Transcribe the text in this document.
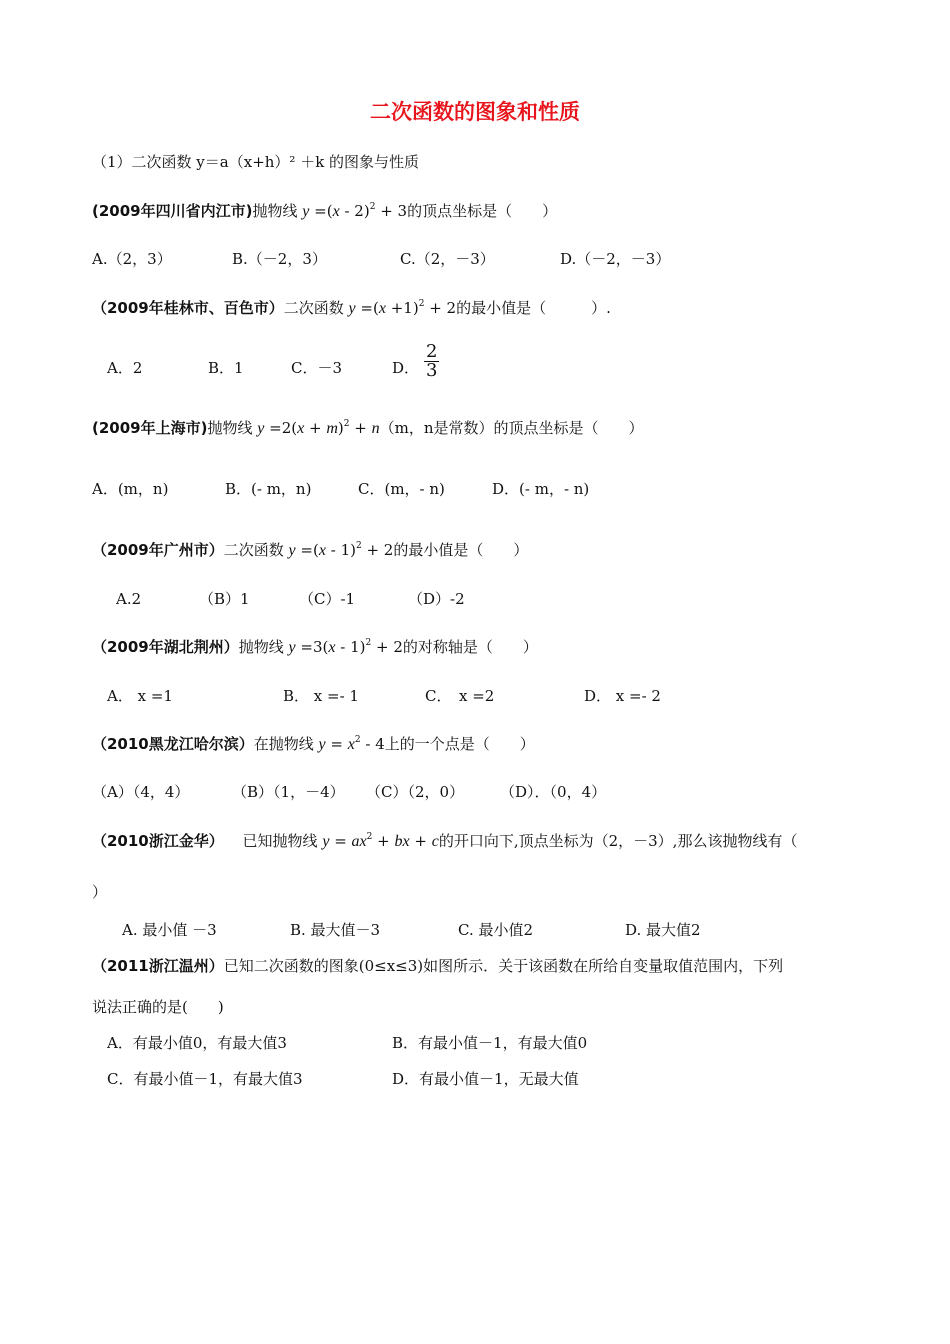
二次函数的图象和性质
（1）二次函数 y＝a（x+h）² ＋k 的图象与性质
(2009年四川省内江市)抛物线 y =(x - 2)$^2$ + 3的顶点坐标是（　　）
A.（2，3）	B.（－2，3）	C.（2，－3）	D.（－2，－3）
（2009年桂林市、百色市）二次函数 $y =(x +1)^2 + 2$的最小值是（　　　）.
A．2	B．1	C．－3	D． $\frac{2}{3}$
(2009年上海市)抛物线 $y =2(x + m)^2 + n(m$，n是常数）的顶点坐标是（　　）
A．(m，n)	B．(- m，n)	C．(m，- n)	D．(- m，- n)
（2009年广州市）二次函数 y =(x - 1)$^2$ + 2的最小值是（　　）
A.2	（B）1	（C）-1	（D）-2
（2009年湖北荆州）抛物线 y =3(x - 1)$^2$ + 2的对称轴是（　　）
A． x =1	B． x =- 1	C．　x =2	D． x =- 2
（2010黑龙江哈尔滨）在抛物线 $y = x^2 - 4$上的一个点是（　　）
（A）（4，4）	（B）（1，－4） （C）（2，0） （D）．（0，4）
（2010浙江金华） 已知抛物线 $y = ax^2$ + bx + c的开口向下,顶点坐标为（2，－3）,那么该抛物线有（
）
A. 最小值 －3	B. 最大值－3	C. 最小值2	D. 最大值2
（2011浙江温州）已知二次函数的图象(0≤x≤3)如图所示．关于该函数在所给自变量取值范围内，下列
说法正确的是(　　)
A．有最小值0，有最大值3	B．有最小值－1，有最大值0
C．有最小值－1，有最大值3	D．有最小值－1，无最大值
